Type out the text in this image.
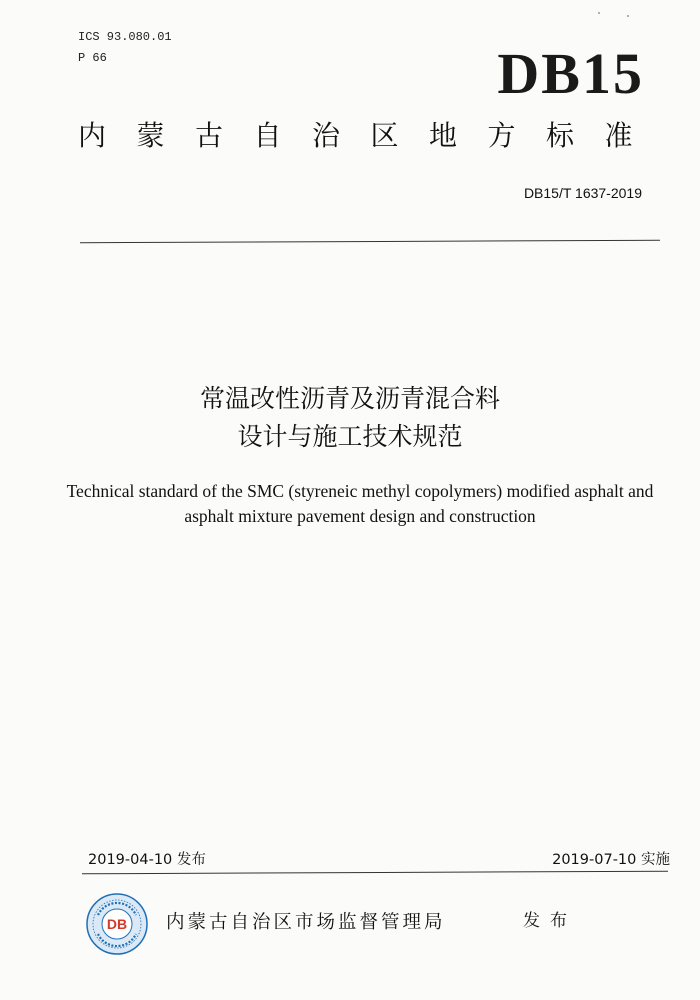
ICS 93.080.01
P 66	DB15
内蒙古自治区地方标准
DB15/T 1637-2019
常温改性沥青及沥青混合料
设计与施工技术规范
Technical standard of the SMC (styreneic methyl copolymers) modified asphalt and
asphalt mixture pavement design and construction
2019-04-10 发布	2019-07-10 实施
DB 内蒙古自治区市场监督管理局	发布
